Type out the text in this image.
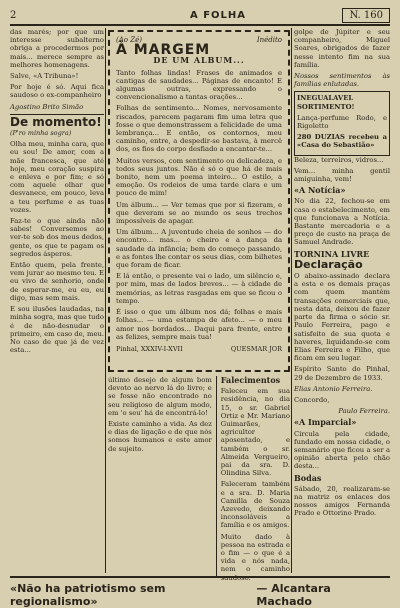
2	A FOLHA	N. 160

das marés; por que um interesse subalterno obriga a procedermos por mais... merece sempre as melhores homenagens.

Salve, «A Tribuna»!

Por hoje é só. Aqui fica saudoso o ex-companheiro

Agostino Brito Simão

De momento!

(P'ro minha sogra)

Olha meu, minha cara, que eu sou! De amor, com a mãe francesca, que até hoje, meu coração suspira e enleva e por fim; e só com aquele olhar que desvanece, em pouco, leva a teu perfume e as tuas vozes.

Faz-te o que ainda não sabes! Conversemos ao ver-te sob dos meus dedos, gente, os que te pagam os segredos ásperos.

Então quem, pela frente, vem jurar ao mesmo teu. E eu vivo de senhorio, onde de esperar-me, eu eu, eu digo, mas sem mais.

E sou ilusões laudadas, na minha sogra, mas que tudo é de não-desnudar o primeiro, em caso de, meu. No caso de que já de vez esta...

(Ao Zé)	Inédito
À MARGEM
DE UM ALBUM...

Tanto folhas lindas! Frases de animados e cantigas de saudades... Páginas de encanto! E algumas outras, expressando o convencionalismo a tantas orações...

Folhas de sentimento... Nomes, nervosamente riscados, parecem pagaram fim uma letra que fosse o que demonstrassem a felicidade de uma lembrança... E então, os contornos, meu caminho, entre, a despedir-se bastava, à mercê dos, os fios do corpo desfiado a encantar-te...

Muitos versos, com sentimento ou delicadeza, e todos seus juntos. Não é só o que há de mais bonito, nem um poema inteiro... O estilo, a emoção. Os rodeios de uma tarde clara e um pouco de mim!

Um álbum... — Ver temas que por si fizeram, e que deveram se ao mundo os seus trechos impossíveis de apagar.

Um álbum... A juventude cheia de sonhos — do encontro... mas... o cheiro e a dança da saudade da infância; bem do começo passando, e as fontes lhe contar os seus dias, com bilhetes que foram de ficar.

E lá então, o presente vai o lado, um silêncio e, por mim, mas de lados breves... — à cidade de memórias, as letras rasgadas em que se ficou o tempo.

É isso o que um álbum nos dá; folhas e mais folhas... — uma estampa de afeto... — o meu amor nos bordados... Daqui para frente, entre as felizes, sempre mais tua!

Pinhal, XXXIV-I-XVII	QUESMAR JOR

último desejo de algum bom devoto ao nervo lá do livro; e se fosse não encontrado no seu religioso de algum modo, em 'o seu' há de encontrá-lo!

Existe caminho a vida. As dez e dias de ligação e de que nós somos humanos e este amor de sujeito.

Falecimentos

Faleceu em sua residência, no dia 15, o sr. Gabriel Ortiz e Mr. Mariano Guimarães, agricultor aposentado, e também o sr. Almeida Vergueiro, pai da sra. D. Olindina Silva.

Faleceram também e a sra. D. Maria Camilla de Souza Azevedo, deixando inconsoláveis a família e os amigos.

Muito dado à pessoa na estrada e o fim — o que é a vida e nós nada, nem o caminho saudoso.

golpe de Júpiter e seu companheiro, Miguel Soares, obrigados de fazer nesse intento fim na sua família.

Nossos sentimentos às famílias enlutadas.

INEGUALAVEL SORTIMENTO!

Lança-perfume Rodo, e Rigoletto

280 DUZIAS recebeu a «Casa do Sebastião»

Beleza, terreiros, vidros...

Vem... minha gentil amiguinha, vem!

«A Notícia»

No dia 22, fechou-se em casa o estabelecimento, em que funcionava a Notícia. Bastante mercadoria e a preço de custo na praça de Samuel Andrade.

TORNINA LIVRE

Declaração

O abaixo-assinado declara a esta e os demais praças com quem mantém transações comerciais que, nesta data, deixou de fazer parte da firma o sócio sr. Paulo Ferreira, pago e satisfeito de sua quota e haveres, liquidando-se com Elias Ferreira e Filho, que ficam em seu lugar.

Espírito Santo do Pinhal, 29 de Dezembro de 1933.

Elias Antonio Ferreira.

Concordo,

Paulo Ferreira.

«A Imparcial»

Circula pela cidade, fundado em nossa cidade, o semanário que ficou a ser a opinião aberta pelo chão desta...

Bodas

Sábado, 20, realizaram-se na matriz os enlaces dos nossos amigos Fernanda Prado e Ottorino Prado.

«Não ha patriotismo sem regionalismo»
— Alcantara Machado
